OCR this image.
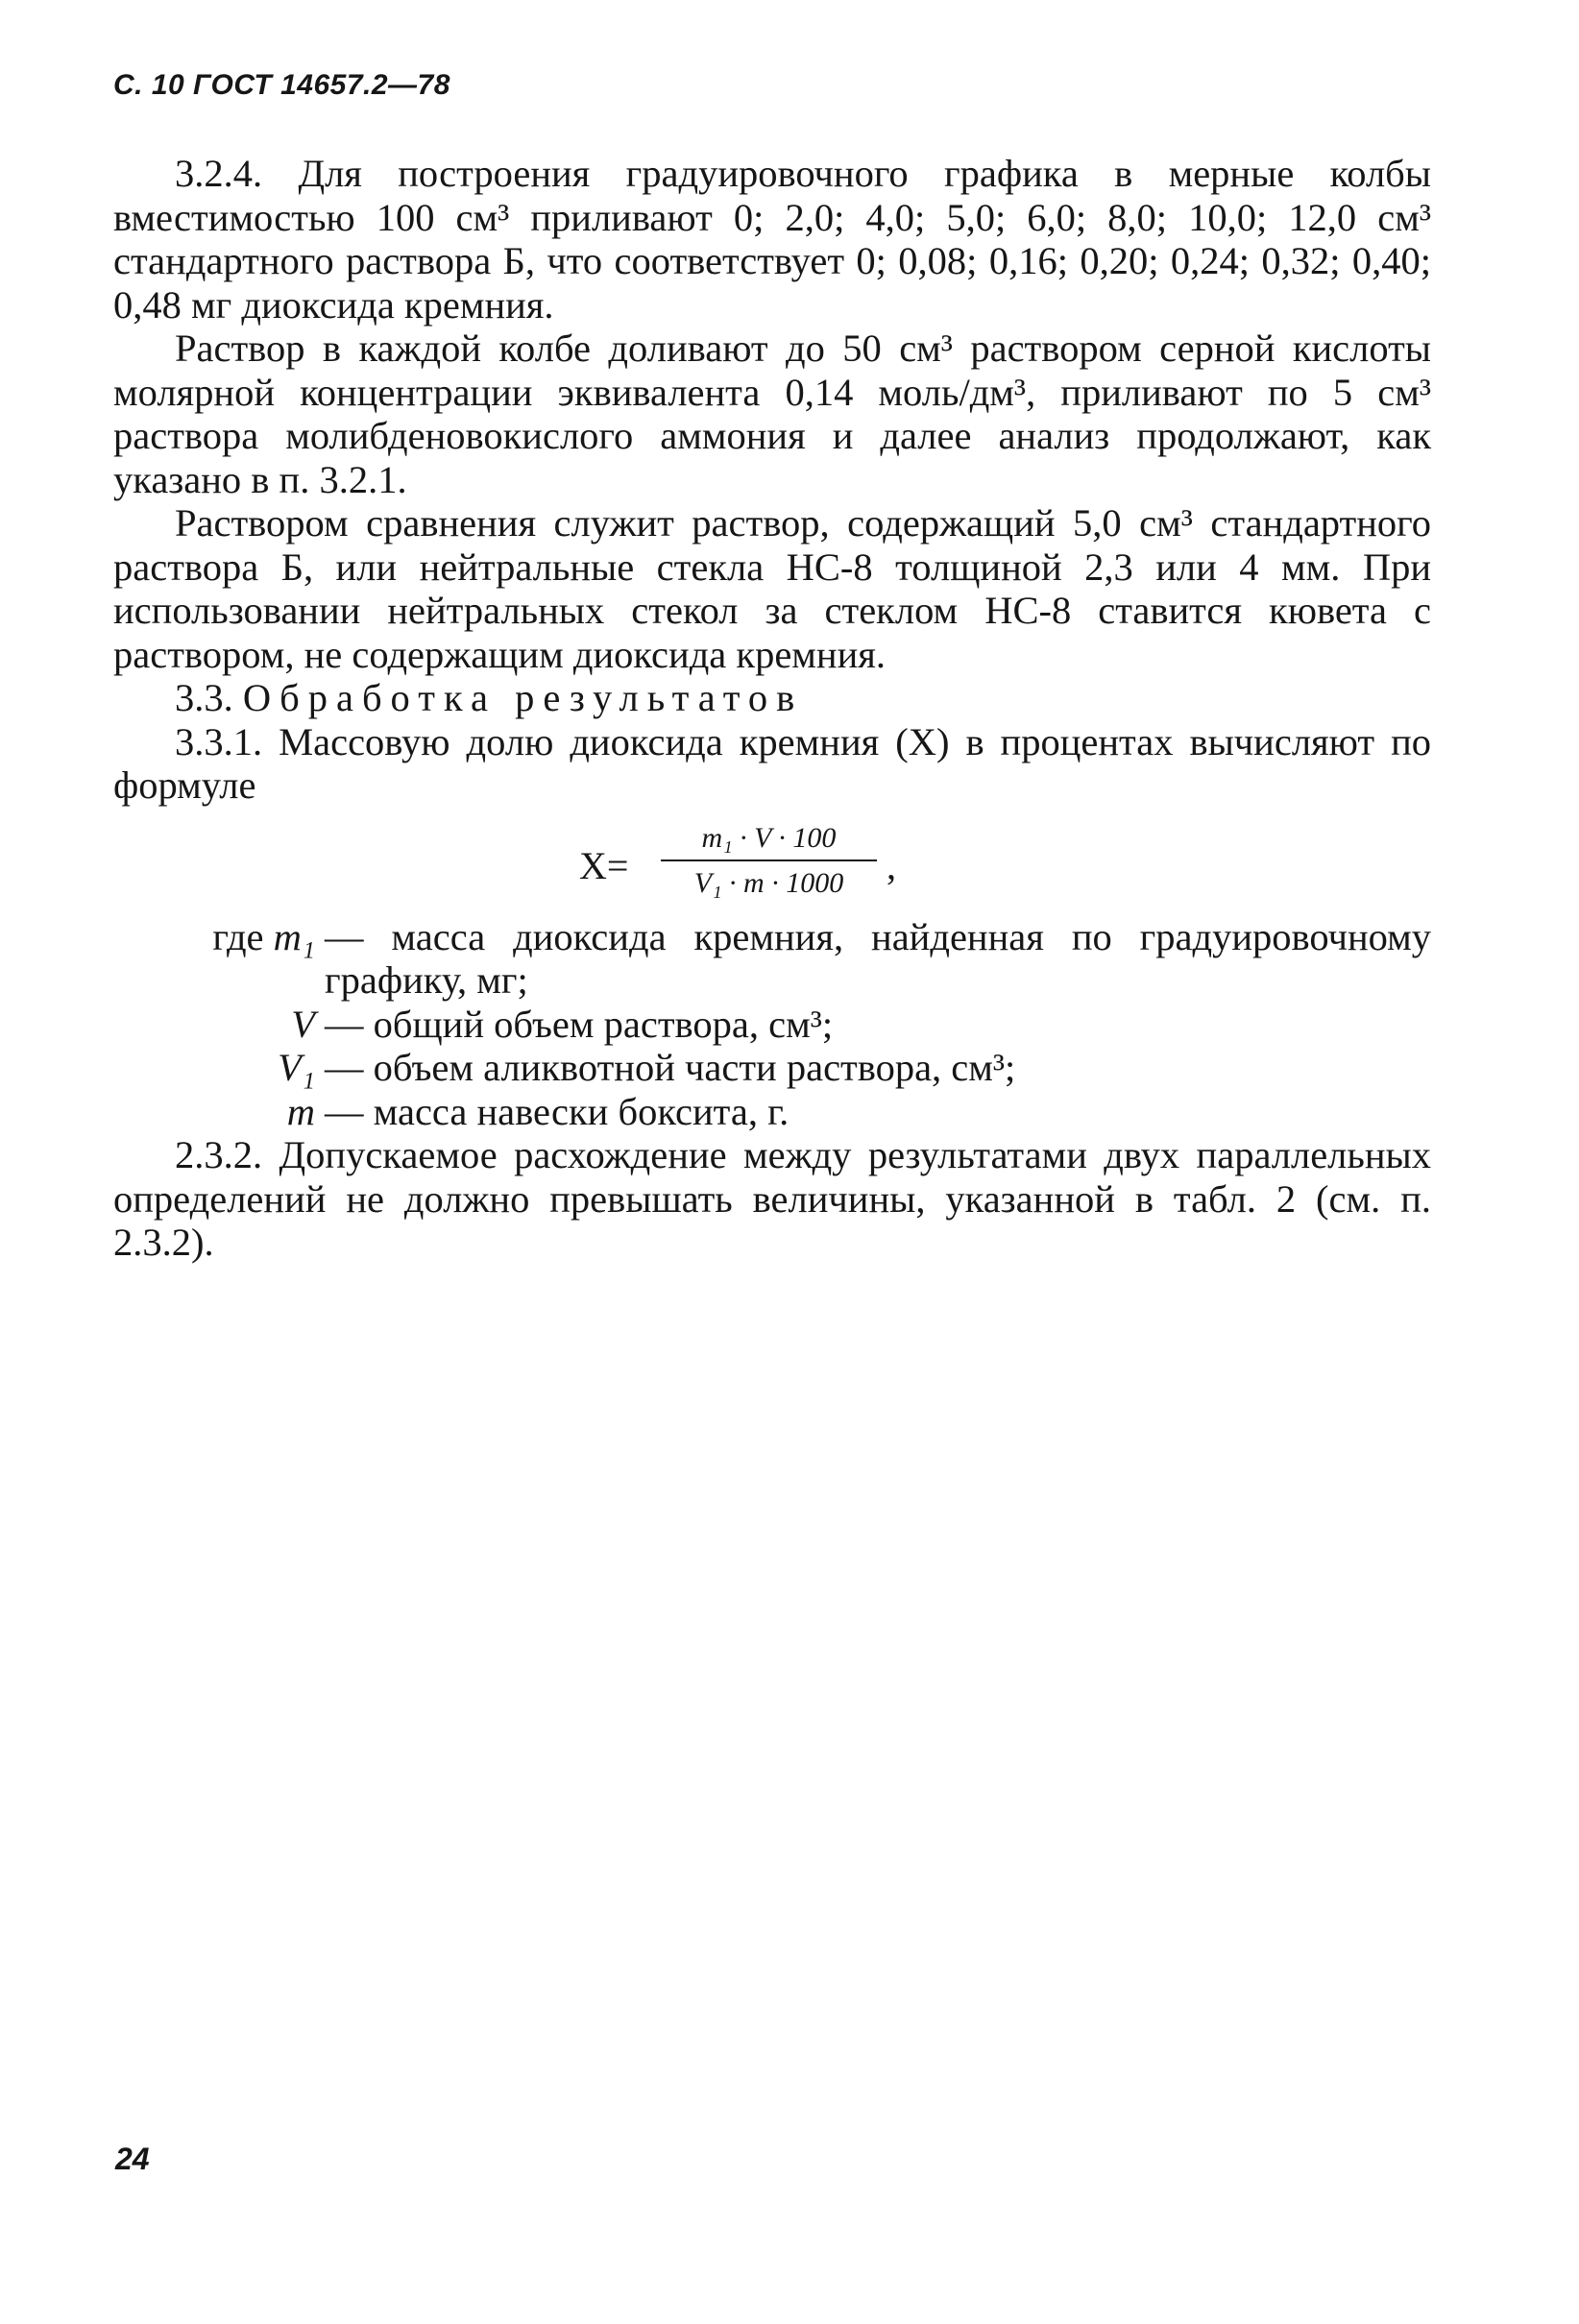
С. 10 ГОСТ 14657.2—78

3.2.4. Для построения градуировочного графика в мерные колбы вместимостью 100 см³ приливают 0; 2,0; 4,0; 5,0; 6,0; 8,0; 10,0; 12,0 см³ стандартного раствора Б, что соответствует 0; 0,08; 0,16; 0,20; 0,24; 0,32; 0,40; 0,48 мг диоксида кремния.

Раствор в каждой колбе доливают до 50 см³ раствором серной кислоты молярной концентрации эквивалента 0,14 моль/дм³, приливают по 5 см³ раствора молибденовокислого аммония и далее анализ продолжают, как указано в п. 3.2.1.

Раствором сравнения служит раствор, содержащий 5,0 см³ стандартного раствора Б, или нейтральные стекла НС-8 толщиной 2,3 или 4 мм. При использовании нейтральных стекол за стеклом НС-8 ставится кювета с раствором, не содержащим диоксида кремния.

3.3. Обработка результатов

3.3.1. Массовую долю диоксида кремния (X) в процентах вычисляют по формуле

X=
m₁ · V · 100
V₁ · m · 1000	,
где m₁ — масса диоксида кремния, найденная по градуировочному графику, мг;
V — общий объем раствора, см³;
V₁ — объем аликвотной части раствора, см³;
m — масса навески боксита, г.

2.3.2. Допускаемое расхождение между результатами двух параллельных определений не должно превышать величины, указанной в табл. 2 (см. п. 2.3.2).

24
